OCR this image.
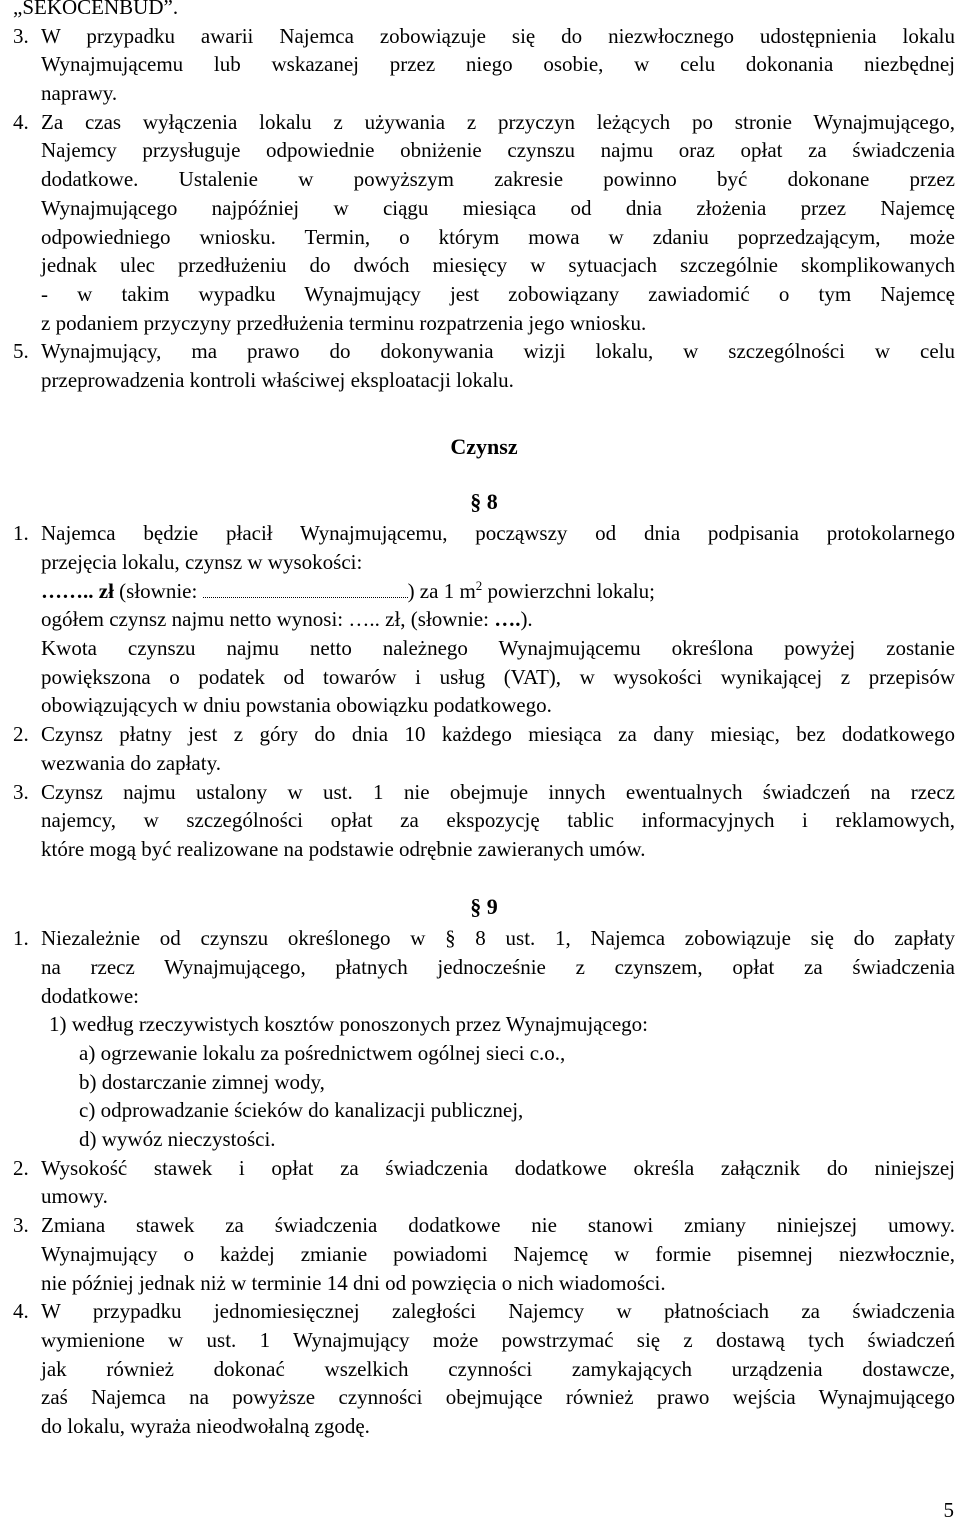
„SEKOCENBUD”.
3. W przypadku awarii Najemca zobowiązuje się do niezwłocznego udostępnienia lokalu
Wynajmującemu lub wskazanej przez niego osobie, w celu dokonania niezbędnej
naprawy.
4. Za czas wyłączenia lokalu z używania z przyczyn leżących po stronie Wynajmującego,
Najemcy przysługuje odpowiednie obniżenie czynszu najmu oraz opłat za świadczenia
dodatkowe. Ustalenie w powyższym zakresie powinno być dokonane przez
Wynajmującego najpóźniej w ciągu miesiąca od dnia złożenia przez Najemcę
odpowiedniego wniosku. Termin, o którym mowa w zdaniu poprzedzającym, może
jednak ulec przedłużeniu do dwóch miesięcy w sytuacjach szczególnie skomplikowanych
- w takim wypadku Wynajmujący jest zobowiązany zawiadomić o tym Najemcę
z podaniem przyczyny przedłużenia terminu rozpatrzenia jego wniosku.
5. Wynajmujący, ma prawo do dokonywania wizji lokalu, w szczególności w celu
przeprowadzenia kontroli właściwej eksploatacji lokalu.
Czynsz
§ 8
1. Najemca będzie płacił Wynajmującemu, począwszy od dnia podpisania protokolarnego
przejęcia lokalu, czynsz w wysokości:
…….. zł (słownie:	) za 1 $m^2$ powierzchni lokalu;
ogółem czynsz najmu netto wynosi: ….. zł, (słownie: ….).
Kwota czynszu najmu netto należnego Wynajmującemu określona powyżej zostanie
powiększona o podatek od towarów i usług (VAT), w wysokości wynikającej z przepisów
obowiązujących w dniu powstania obowiązku podatkowego.
2. Czynsz płatny jest z góry do dnia 10 każdego miesiąca za dany miesiąc, bez dodatkowego
wezwania do zapłaty.
3. Czynsz najmu ustalony w ust. 1 nie obejmuje innych ewentualnych świadczeń na rzecz
najemcy, w szczególności opłat za ekspozycję tablic informacyjnych i reklamowych,
które mogą być realizowane na podstawie odrębnie zawieranych umów.
§ 9
1. Niezależnie od czynszu określonego w § 8 ust. 1, Najemca zobowiązuje się do zapłaty
na rzecz Wynajmującego, płatnych jednocześnie z czynszem, opłat za świadczenia
dodatkowe:
1) według rzeczywistych kosztów ponoszonych przez Wynajmującego:
a) ogrzewanie lokalu za pośrednictwem ogólnej sieci c.o.,
b) dostarczanie zimnej wody,
c) odprowadzanie ścieków do kanalizacji publicznej,
d) wywóz nieczystości.
2. Wysokość stawek i opłat za świadczenia dodatkowe określa załącznik do niniejszej
umowy.
3. Zmiana stawek za świadczenia dodatkowe nie stanowi zmiany niniejszej umowy.
Wynajmujący o każdej zmianie powiadomi Najemcę w formie pisemnej niezwłocznie,
nie później jednak niż w terminie 14 dni od powzięcia o nich wiadomości.
4. W przypadku jednomiesięcznej zaległości Najemcy w płatnościach za świadczenia
wymienione w ust. 1 Wynajmujący może powstrzymać się z dostawą tych świadczeń
jak również dokonać wszelkich czynności zamykających urządzenia dostawcze,
zaś Najemca na powyższe czynności obejmujące również prawo wejścia Wynajmującego
do lokalu, wyraża nieodwołalną zgodę.
5
